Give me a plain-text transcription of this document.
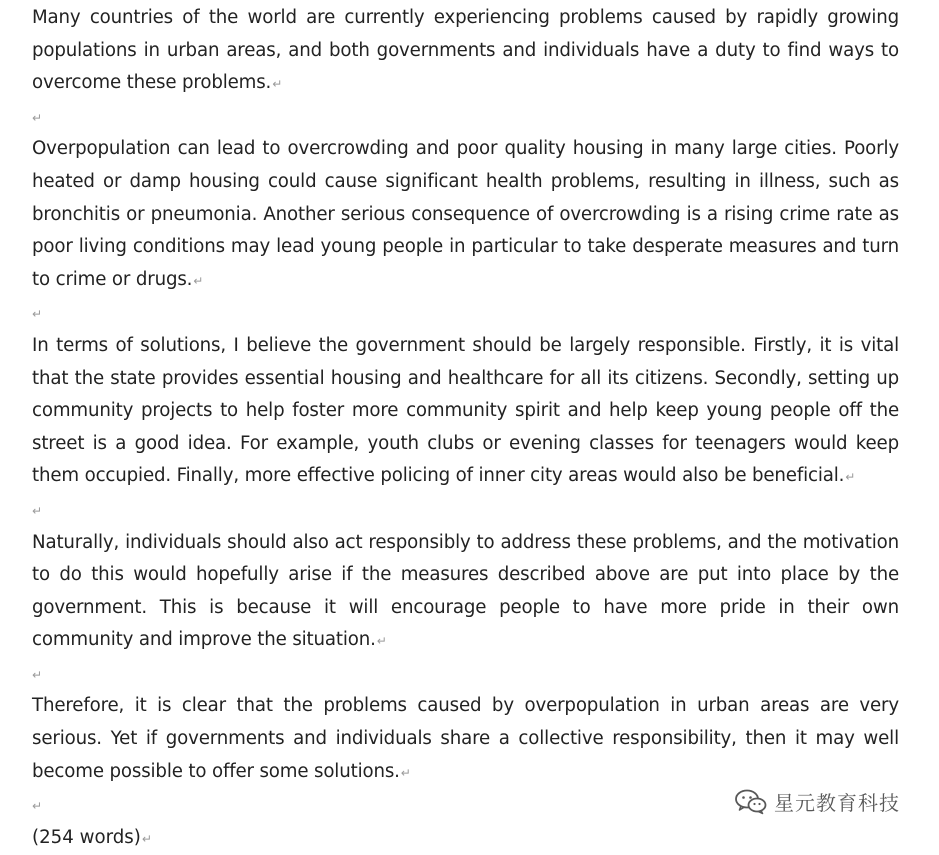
Many countries of the world are currently experiencing problems caused by rapidly growing populations in urban areas, and both governments and individuals have a duty to find ways to overcome these problems.↵

↵

Overpopulation can lead to overcrowding and poor quality housing in many large cities. Poorly heated or damp housing could cause significant health problems, resulting in illness, such as bronchitis or pneumonia. Another serious consequence of overcrowding is a rising crime rate as poor living conditions may lead young people in particular to take desperate measures and turn to crime or drugs.↵

↵

In terms of solutions, I believe the government should be largely responsible. Firstly, it is vital that the state provides essential housing and healthcare for all its citizens. Secondly, setting up community projects to help foster more community spirit and help keep young people off the street is a good idea. For example, youth clubs or evening classes for teenagers would keep them occupied. Finally, more effective policing of inner city areas would also be beneficial.↵

↵

Naturally, individuals should also act responsibly to address these problems, and the motivation to do this would hopefully arise if the measures described above are put into place by the government. This is because it will encourage people to have more pride in their own community and improve the situation.↵

↵

Therefore, it is clear that the problems caused by overpopulation in urban areas are very serious. Yet if governments and individuals share a collective responsibility, then it may well become possible to offer some solutions.↵

↵

(254 words)↵

星元教育科技
